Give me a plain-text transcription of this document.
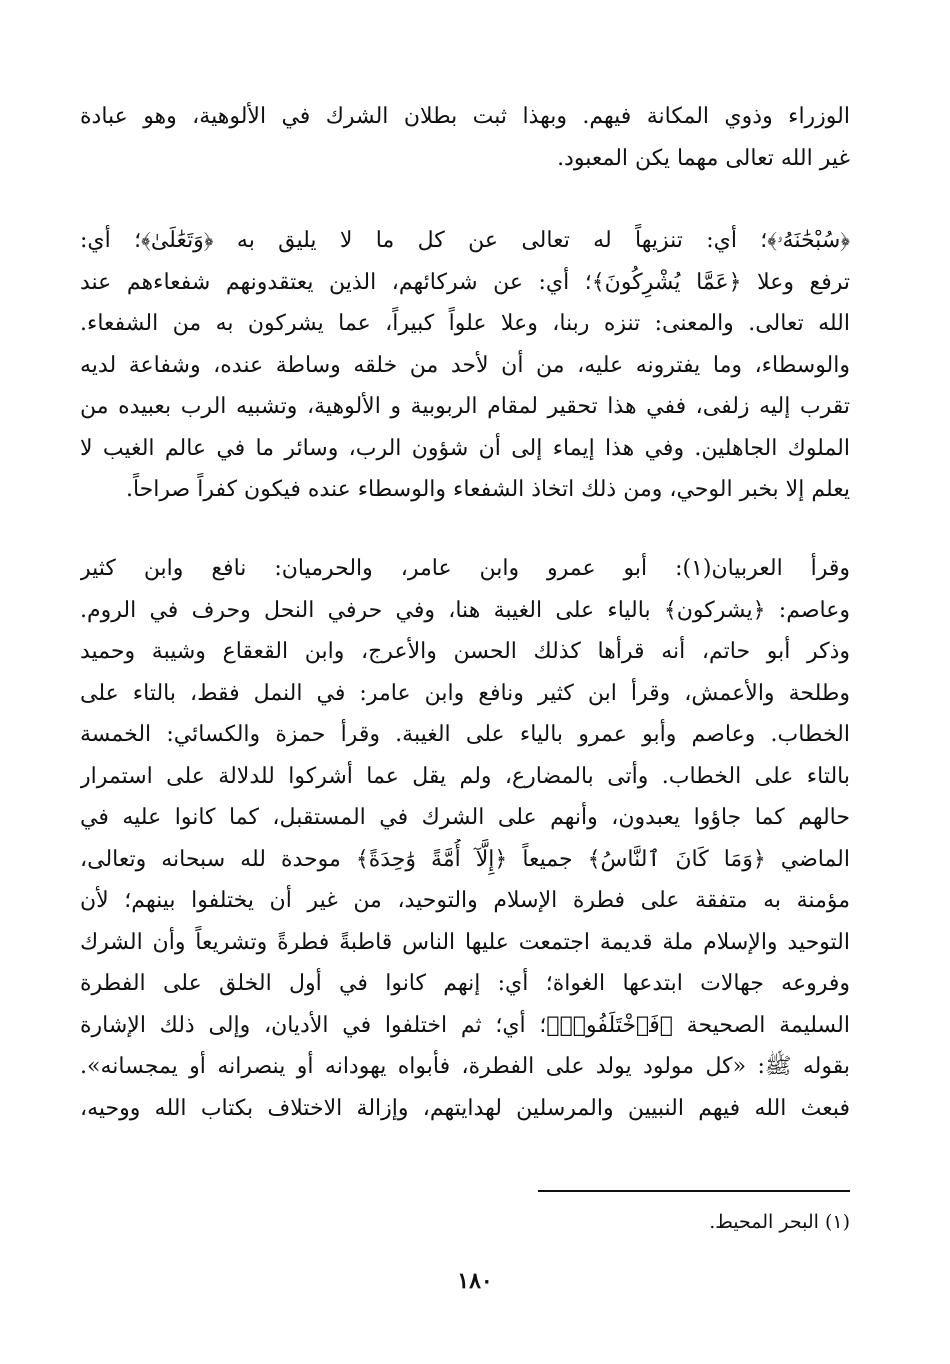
الوزراء وذوي المكانة فيهم. وبهذا ثبت بطلان الشرك في الألوهية، وهو عبادة
غير الله تعالى مهما يكن المعبود.
﴿سُبْحَٰنَهُۥ﴾؛ أي: تنزيهاً له تعالى عن كل ما لا يليق به ﴿وَتَعَٰلَىٰ﴾؛ أي:
ترفع وعلا ﴿عَمَّا يُشْرِكُونَ﴾؛ أي: عن شركائهم، الذين يعتقدونهم شفعاءهم عند
الله تعالى. والمعنى: تنزه ربنا، وعلا علواً كبيراً، عما يشركون به من الشفعاء.
والوسطاء، وما يفترونه عليه، من أن لأحد من خلقه وساطة عنده، وشفاعة لديه
تقرب إليه زلفى، ففي هذا تحقير لمقام الربوبية و الألوهية، وتشبيه الرب بعبيده من
الملوك الجاهلين. وفي هذا إيماء إلى أن شؤون الرب، وسائر ما في عالم الغيب لا
يعلم إلا بخبر الوحي، ومن ذلك اتخاذ الشفعاء والوسطاء عنده فيكون كفراً صراحاً.
وقرأ العربيان(١): أبو عمرو وابن عامر، والحرميان: نافع وابن كثير
وعاصم: ﴿يشركون﴾ بالياء على الغيبة هنا، وفي حرفي النحل وحرف في الروم.
وذكر أبو حاتم، أنه قرأها كذلك الحسن والأعرج، وابن القعقاع وشيبة وحميد
وطلحة والأعمش، وقرأ ابن كثير ونافع وابن عامر: في النمل فقط، بالتاء على
الخطاب. وعاصم وأبو عمرو بالياء على الغيبة. وقرأ حمزة والكسائي: الخمسة
بالتاء على الخطاب. وأتى بالمضارع، ولم يقل عما أشركوا للدلالة على استمرار
حالهم كما جاؤوا يعبدون، وأنهم على الشرك في المستقبل، كما كانوا عليه في
الماضي ﴿وَمَا كَانَ ٱلنَّاسُ﴾ جميعاً ﴿إِلَّآ أُمَّةً وَٰحِدَةً﴾ موحدة لله سبحانه وتعالى،
مؤمنة به متفقة على فطرة الإسلام والتوحيد، من غير أن يختلفوا بينهم؛ لأن
التوحيد والإسلام ملة قديمة اجتمعت عليها الناس قاطبةً فطرةً وتشريعاً وأن الشرك
وفروعه جهالات ابتدعها الغواة؛ أي: إنهم كانوا في أول الخلق على الفطرة
السليمة الصحيحة ﴿فَٱخْتَلَفُوا۟﴾؛ أي؛ ثم اختلفوا في الأديان، وإلى ذلك الإشارة
بقوله ﷺ: «كل مولود يولد على الفطرة، فأبواه يهودانه أو ينصرانه أو يمجسانه».
فبعث الله فيهم النبيين والمرسلين لهدايتهم، وإزالة الاختلاف بكتاب الله ووحيه،
(١) البحر المحيط.
١٨٠
